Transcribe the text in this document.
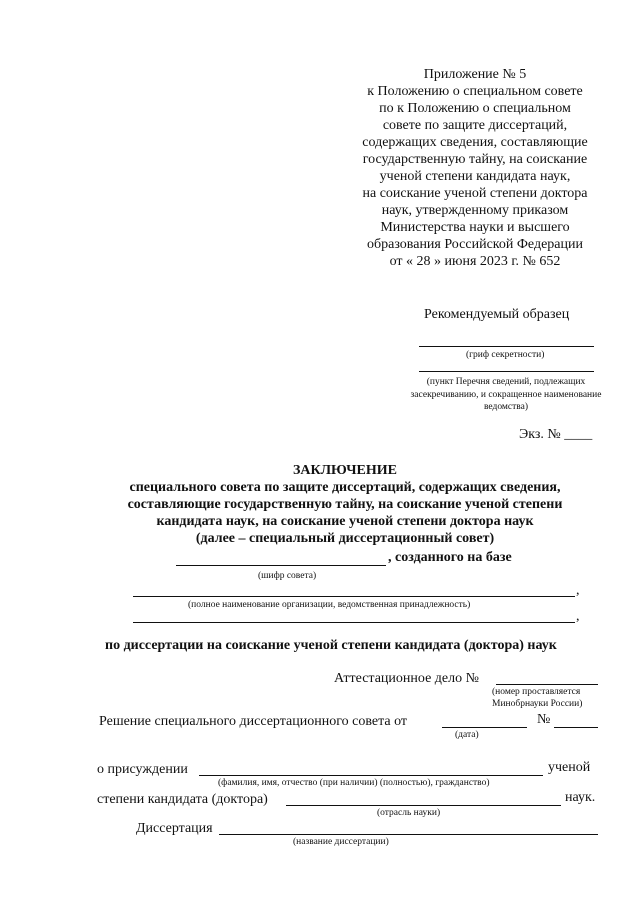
Приложение № 5
к Положению о специальном совете
по к Положению о специальном
совете по защите диссертаций,
содержащих сведения, составляющие
государственную тайну, на соискание
ученой степени кандидата наук,
на соискание ученой степени доктора
наук, утвержденному приказом
Министерства науки и высшего
образования Российской Федерации
от « 28 » июня 2023 г. № 652
Рекомендуемый образец
(гриф секретности)
(пункт Перечня сведений, подлежащих засекречиванию, и сокращенное наименование ведомства)
Экз. № ____
ЗАКЛЮЧЕНИЕ
специального совета по защите диссертаций, содержащих сведения,
составляющие государственную тайну, на соискание ученой степени
кандидата наук, на соискание ученой степени доктора наук
(далее – специальный диссертационный совет)
, созданного на базе
(шифр совета)
,
(полное наименование организации, ведомственная принадлежность)
,
по диссертации на соискание ученой степени кандидата (доктора) наук
Аттестационное дело №
(номер проставляется
Минобрнауки России)
Решение специального диссертационного совета от	№
(дата)
о присуждении	ученой
(фамилия, имя, отчество (при наличии) (полностью), гражданство)
степени кандидата (доктора)	наук.
(отрасль науки)
Диссертация
(название диссертации)
